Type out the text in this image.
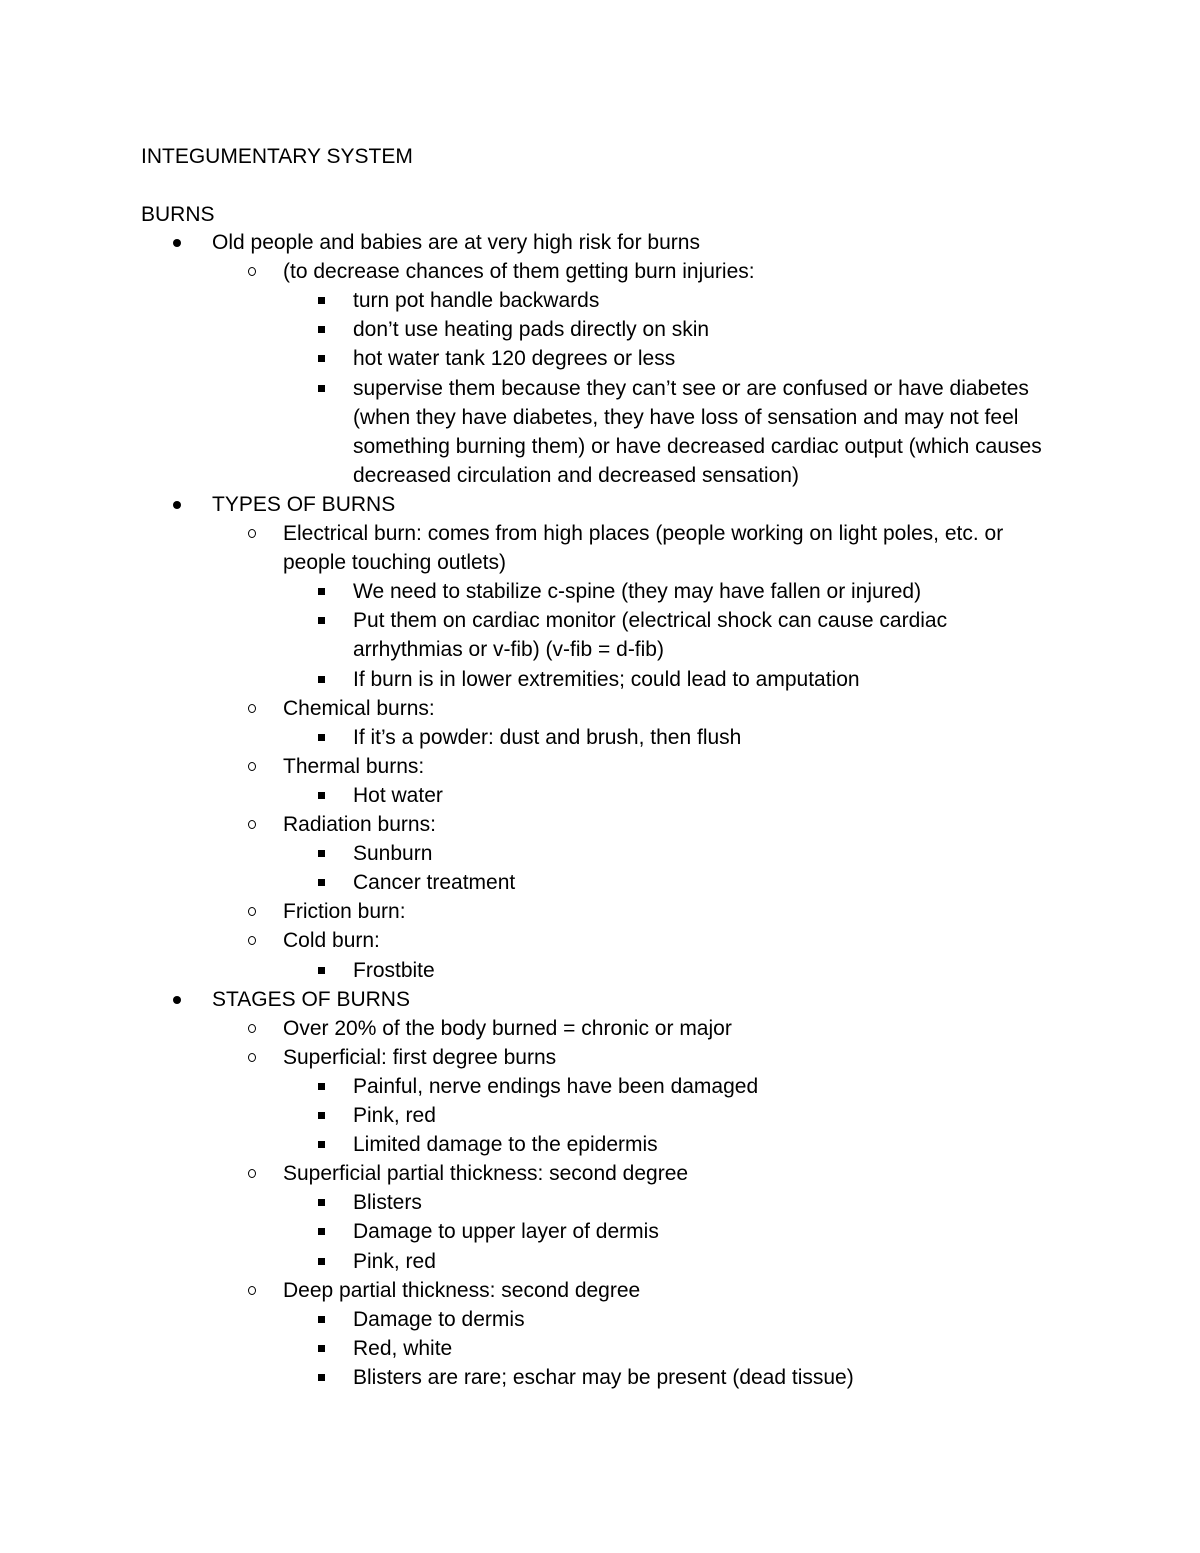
INTEGUMENTARY SYSTEM
BURNS
Old people and babies are at very high risk for burns
(to decrease chances of them getting burn injuries:
turn pot handle backwards
don’t use heating pads directly on skin
hot water tank 120 degrees or less
supervise them because they can’t see or are confused or have diabetes
(when they have diabetes, they have loss of sensation and may not feel
something burning them) or have decreased cardiac output (which causes
decreased circulation and decreased sensation)
TYPES OF BURNS
Electrical burn: comes from high places (people working on light poles, etc. or
people touching outlets)
We need to stabilize c-spine (they may have fallen or injured)
Put them on cardiac monitor (electrical shock can cause cardiac
arrhythmias or v-fib) (v-fib = d-fib)
If burn is in lower extremities; could lead to amputation
Chemical burns:
If it’s a powder: dust and brush, then flush
Thermal burns:
Hot water
Radiation burns:
Sunburn
Cancer treatment
Friction burn:
Cold burn:
Frostbite
STAGES OF BURNS
Over 20% of the body burned = chronic or major
Superficial: first degree burns
Painful, nerve endings have been damaged
Pink, red
Limited damage to the epidermis
Superficial partial thickness: second degree
Blisters
Damage to upper layer of dermis
Pink, red
Deep partial thickness: second degree
Damage to dermis
Red, white
Blisters are rare; eschar may be present (dead tissue)
